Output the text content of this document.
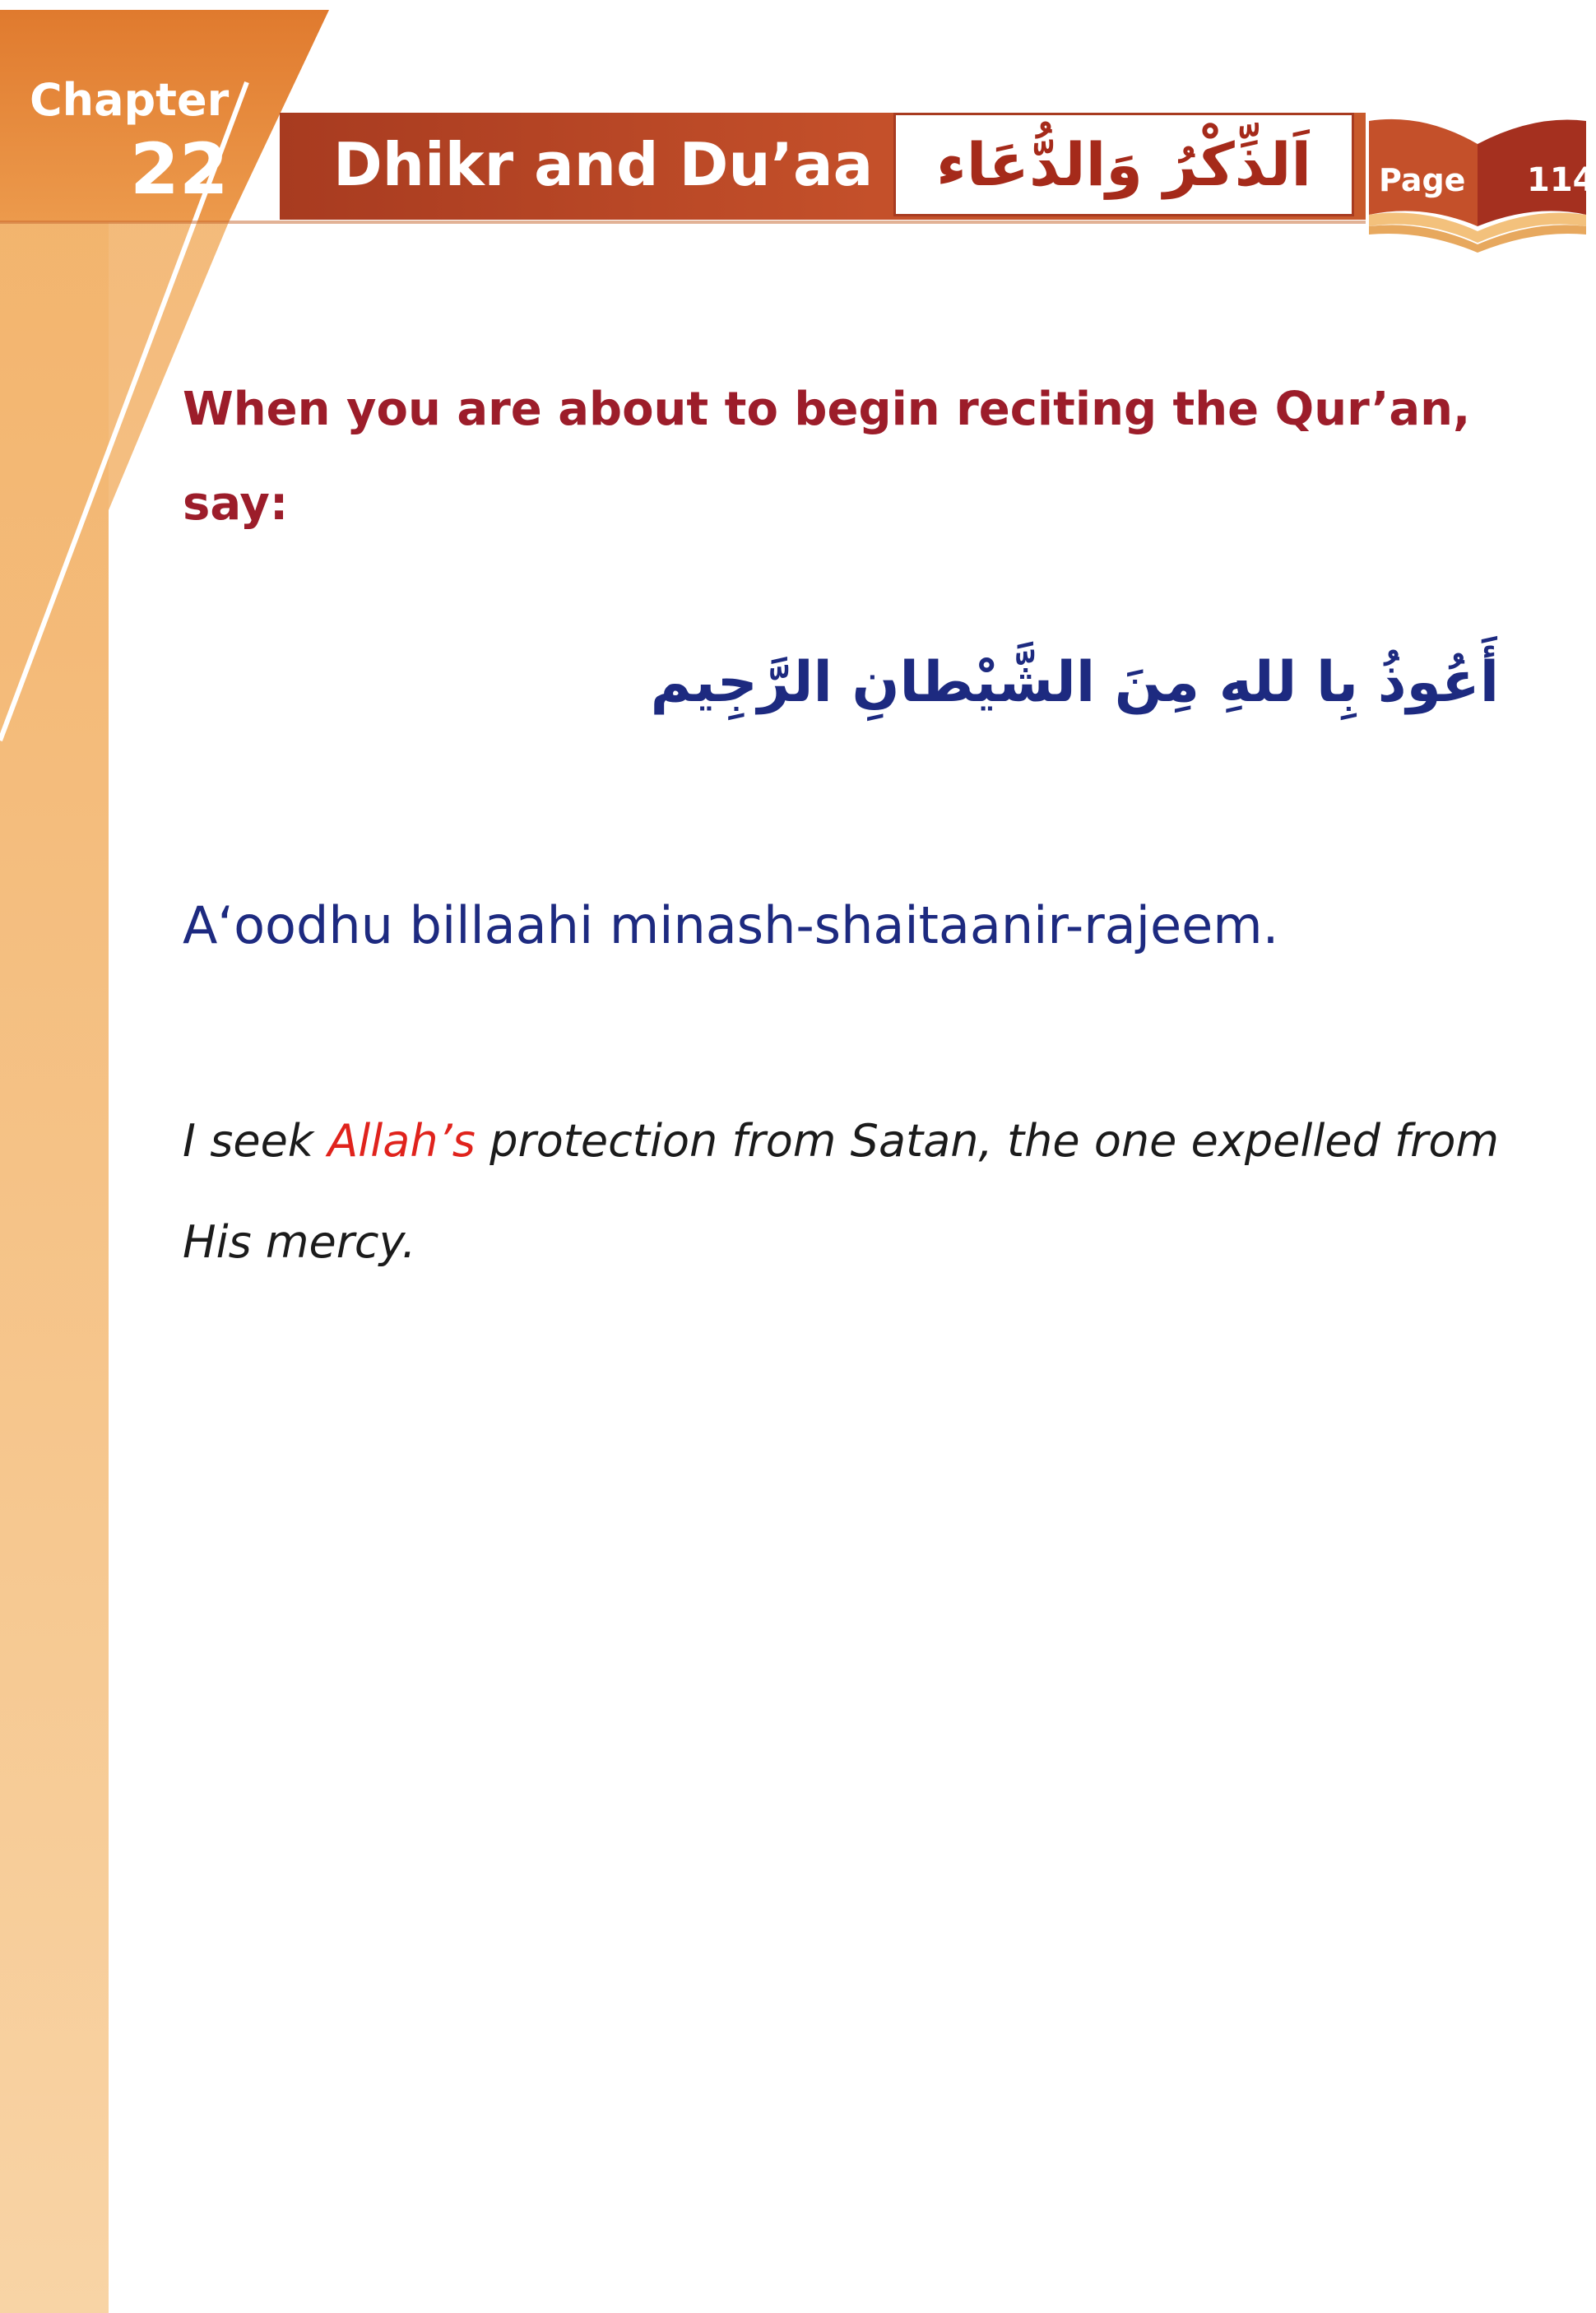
Chapter
22 Dhikr and Du’aa اَلذِّكْرُ وَالدُّعَاء Page 114
When you are about to begin reciting the Qur’an, say:
أَعُوذُ بِا للهِ مِنَ الشَّيْطانِ الرَّجِيم
A‘oodhu billaahi minash-shaitaanir-rajeem.
I seek Allah’s protection from Satan, the one expelled from His mercy.
